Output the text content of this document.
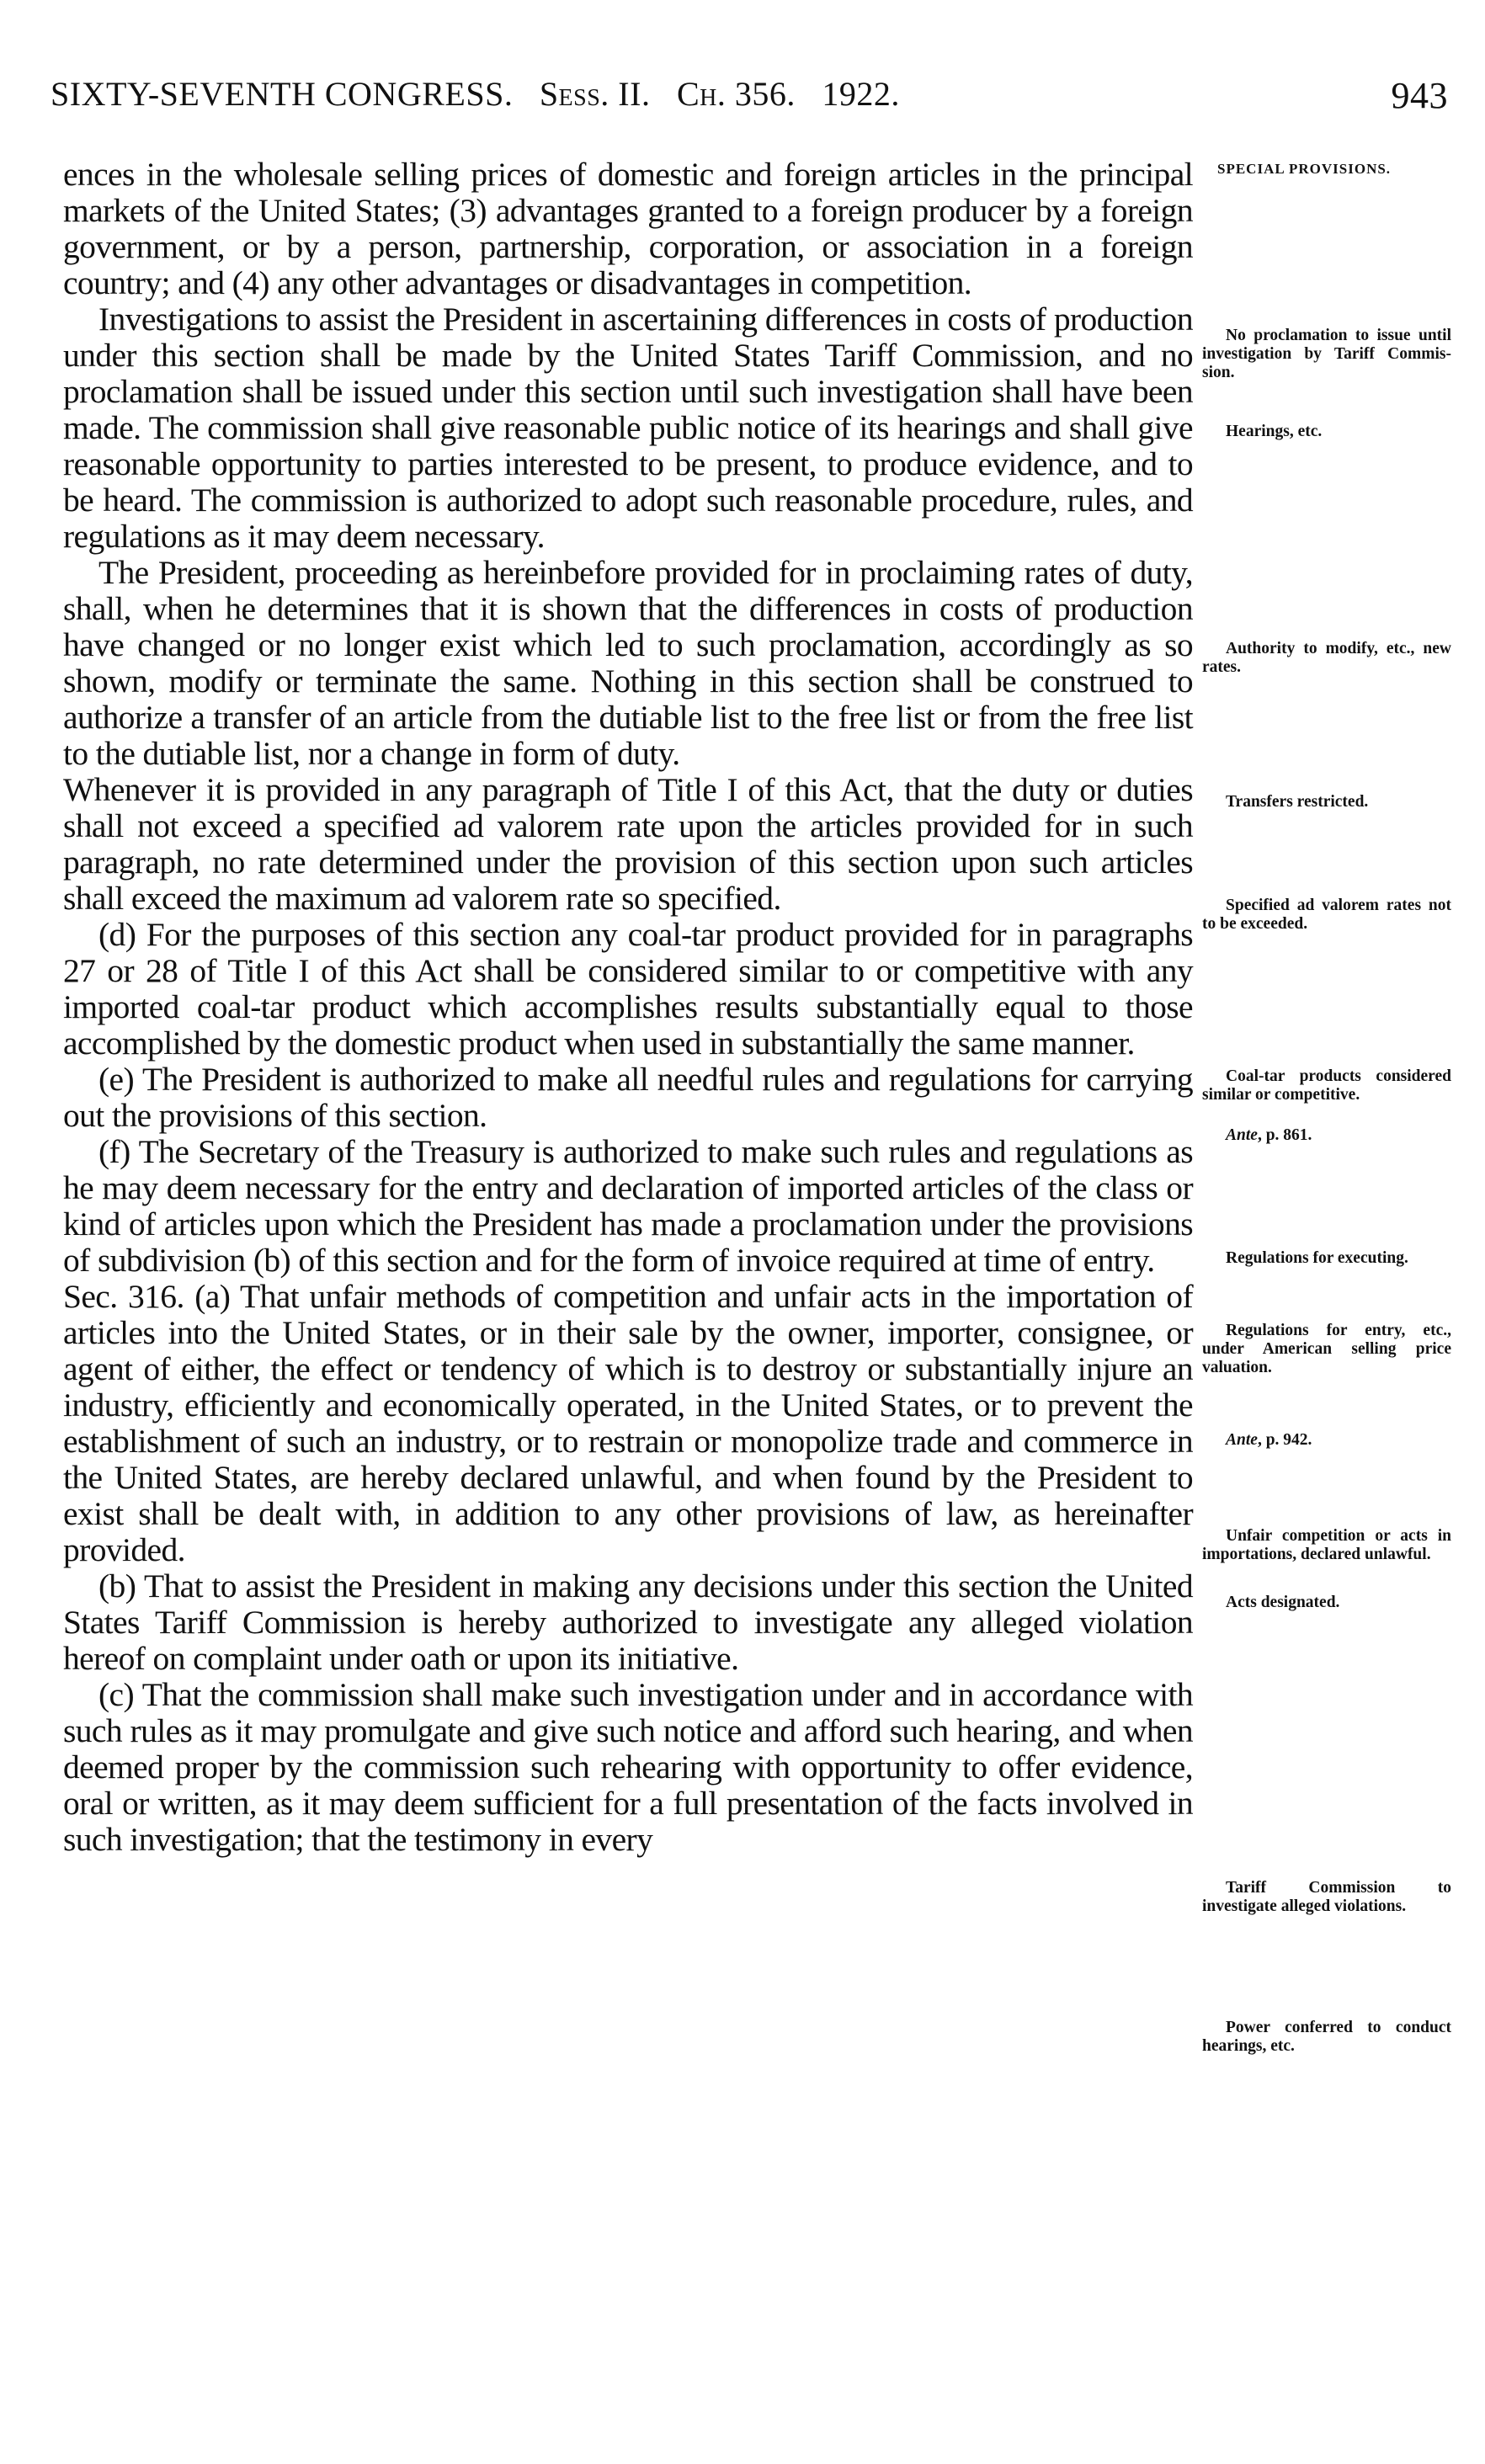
SIXTY-SEVENTH CONGRESS. Sess. II. Ch. 356. 1922.	943

ences in the wholesale selling prices of domestic and foreign articles in the principal markets of the United States; (3) advantages granted to a foreign producer by a foreign government, or by a person, partnership, corporation, or association in a foreign country; and (4) any other advantages or disadvantages in competition.

Investigations to assist the President in ascertaining differences in costs of production under this section shall be made by the United States Tariff Commission, and no proclamation shall be issued under this section until such investigation shall have been made. The commission shall give reasonable public notice of its hearings and shall give reasonable opportunity to parties interested to be present, to produce evidence, and to be heard. The commission is authorized to adopt such reasonable procedure, rules, and regulations as it may deem necessary.

The President, proceeding as hereinbefore provided for in proclaiming rates of duty, shall, when he determines that it is shown that the differences in costs of production have changed or no longer exist which led to such proclamation, accordingly as so shown, modify or terminate the same. Nothing in this section shall be construed to authorize a transfer of an article from the dutiable list to the free list or from the free list to the dutiable list, nor a change in form of duty.

Whenever it is provided in any paragraph of Title I of this Act, that the duty or duties shall not exceed a specified ad valorem rate upon the articles provided for in such paragraph, no rate determined under the provision of this section upon such articles shall exceed the maximum ad valorem rate so specified.

(d) For the purposes of this section any coal-tar product provided for in paragraphs 27 or 28 of Title I of this Act shall be considered similar to or competitive with any imported coal-tar product which accomplishes results substantially equal to those accomplished by the domestic product when used in substantially the same manner.

(e) The President is authorized to make all needful rules and regulations for carrying out the provisions of this section.

(f) The Secretary of the Treasury is authorized to make such rules and regulations as he may deem necessary for the entry and declaration of imported articles of the class or kind of articles upon which the President has made a proclamation under the provisions of subdivision (b) of this section and for the form of invoice required at time of entry.

Sec. 316. (a) That unfair methods of competition and unfair acts in the importation of articles into the United States, or in their sale by the owner, importer, consignee, or agent of either, the effect or tendency of which is to destroy or substantially injure an industry, efficiently and economically operated, in the United States, or to prevent the establishment of such an industry, or to restrain or monopolize trade and commerce in the United States, are hereby declared unlawful, and when found by the President to exist shall be dealt with, in addition to any other provisions of law, as hereinafter provided.

(b) That to assist the President in making any decisions under this section the United States Tariff Commission is hereby authorized to investigate any alleged violation hereof on complaint under oath or upon its initiative.

(c) That the commission shall make such investigation under and in accordance with such rules as it may promulgate and give such notice and afford such hearing, and when deemed proper by the commission such rehearing with opportunity to offer evidence, oral or written, as it may deem sufficient for a full presentation of the facts involved in such investigation; that the testimony in every

SPECIAL PROVISIONS.
No proclamation to issue until investigation by Tariff Commission.
Hearings, etc.
Authority to modify, etc., new rates.
Transfers restricted.
Specified ad valorem rates not to be exceeded.
Coal-tar products considered similar or competitive.
Ante, p. 861.
Regulations for executing.
Regulations for entry, etc., under American selling price valuation.
Ante, p. 942.
Unfair competition or acts in importations, declared unlawful.
Acts designated.
Tariff Commission to investigate alleged violations.
Power conferred to conduct hearings, etc.
